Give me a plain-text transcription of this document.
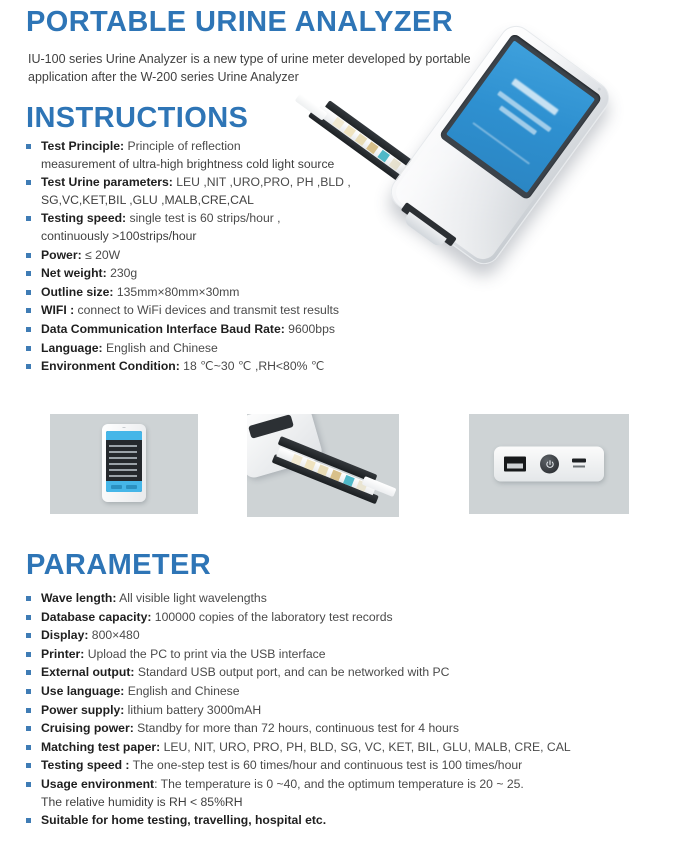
PORTABLE URINE ANALYZER
IU-100 series Urine Analyzer is a new type of urine meter developed by portable application after the W-200 series Urine Analyzer
INSTRUCTIONS
Test Principle: Principle of reflection
measurement of ultra-high brightness cold light source
Test Urine parameters: LEU ,NIT ,URO,PRO, PH ,BLD ,
SG,VC,KET,BIL ,GLU ,MALB,CRE,CAL
Testing speed: single test is 60 strips/hour ,
continuously >100strips/hour
Power: ≤ 20W
Net weight: 230g
Outline size: 135mm×80mm×30mm
WIFI : connect to WiFi devices and transmit test results
Data Communication Interface Baud Rate: 9600bps
Language: English and Chinese
Environment Condition: 18 ℃~30 ℃ ,RH<80% ℃
PARAMETER
Wave length: All visible light wavelengths
Database capacity: 100000 copies of the laboratory test records
Display: 800×480
Printer: Upload the PC to print via the USB interface
External output: Standard USB output port, and can be networked with PC
Use language: English and Chinese
Power supply: lithium battery 3000mAH
Cruising power: Standby for more than 72 hours, continuous test for 4 hours
Matching test paper: LEU, NIT, URO, PRO, PH, BLD, SG, VC, KET, BIL, GLU, MALB, CRE, CAL
Testing speed : The one-step test is 60 times/hour and continuous test is 100 times/hour
Usage environment: The temperature is 0 ~40, and the optimum temperature is 20 ~ 25.
The relative humidity is RH < 85%RH
Suitable for home testing, travelling, hospital etc.
